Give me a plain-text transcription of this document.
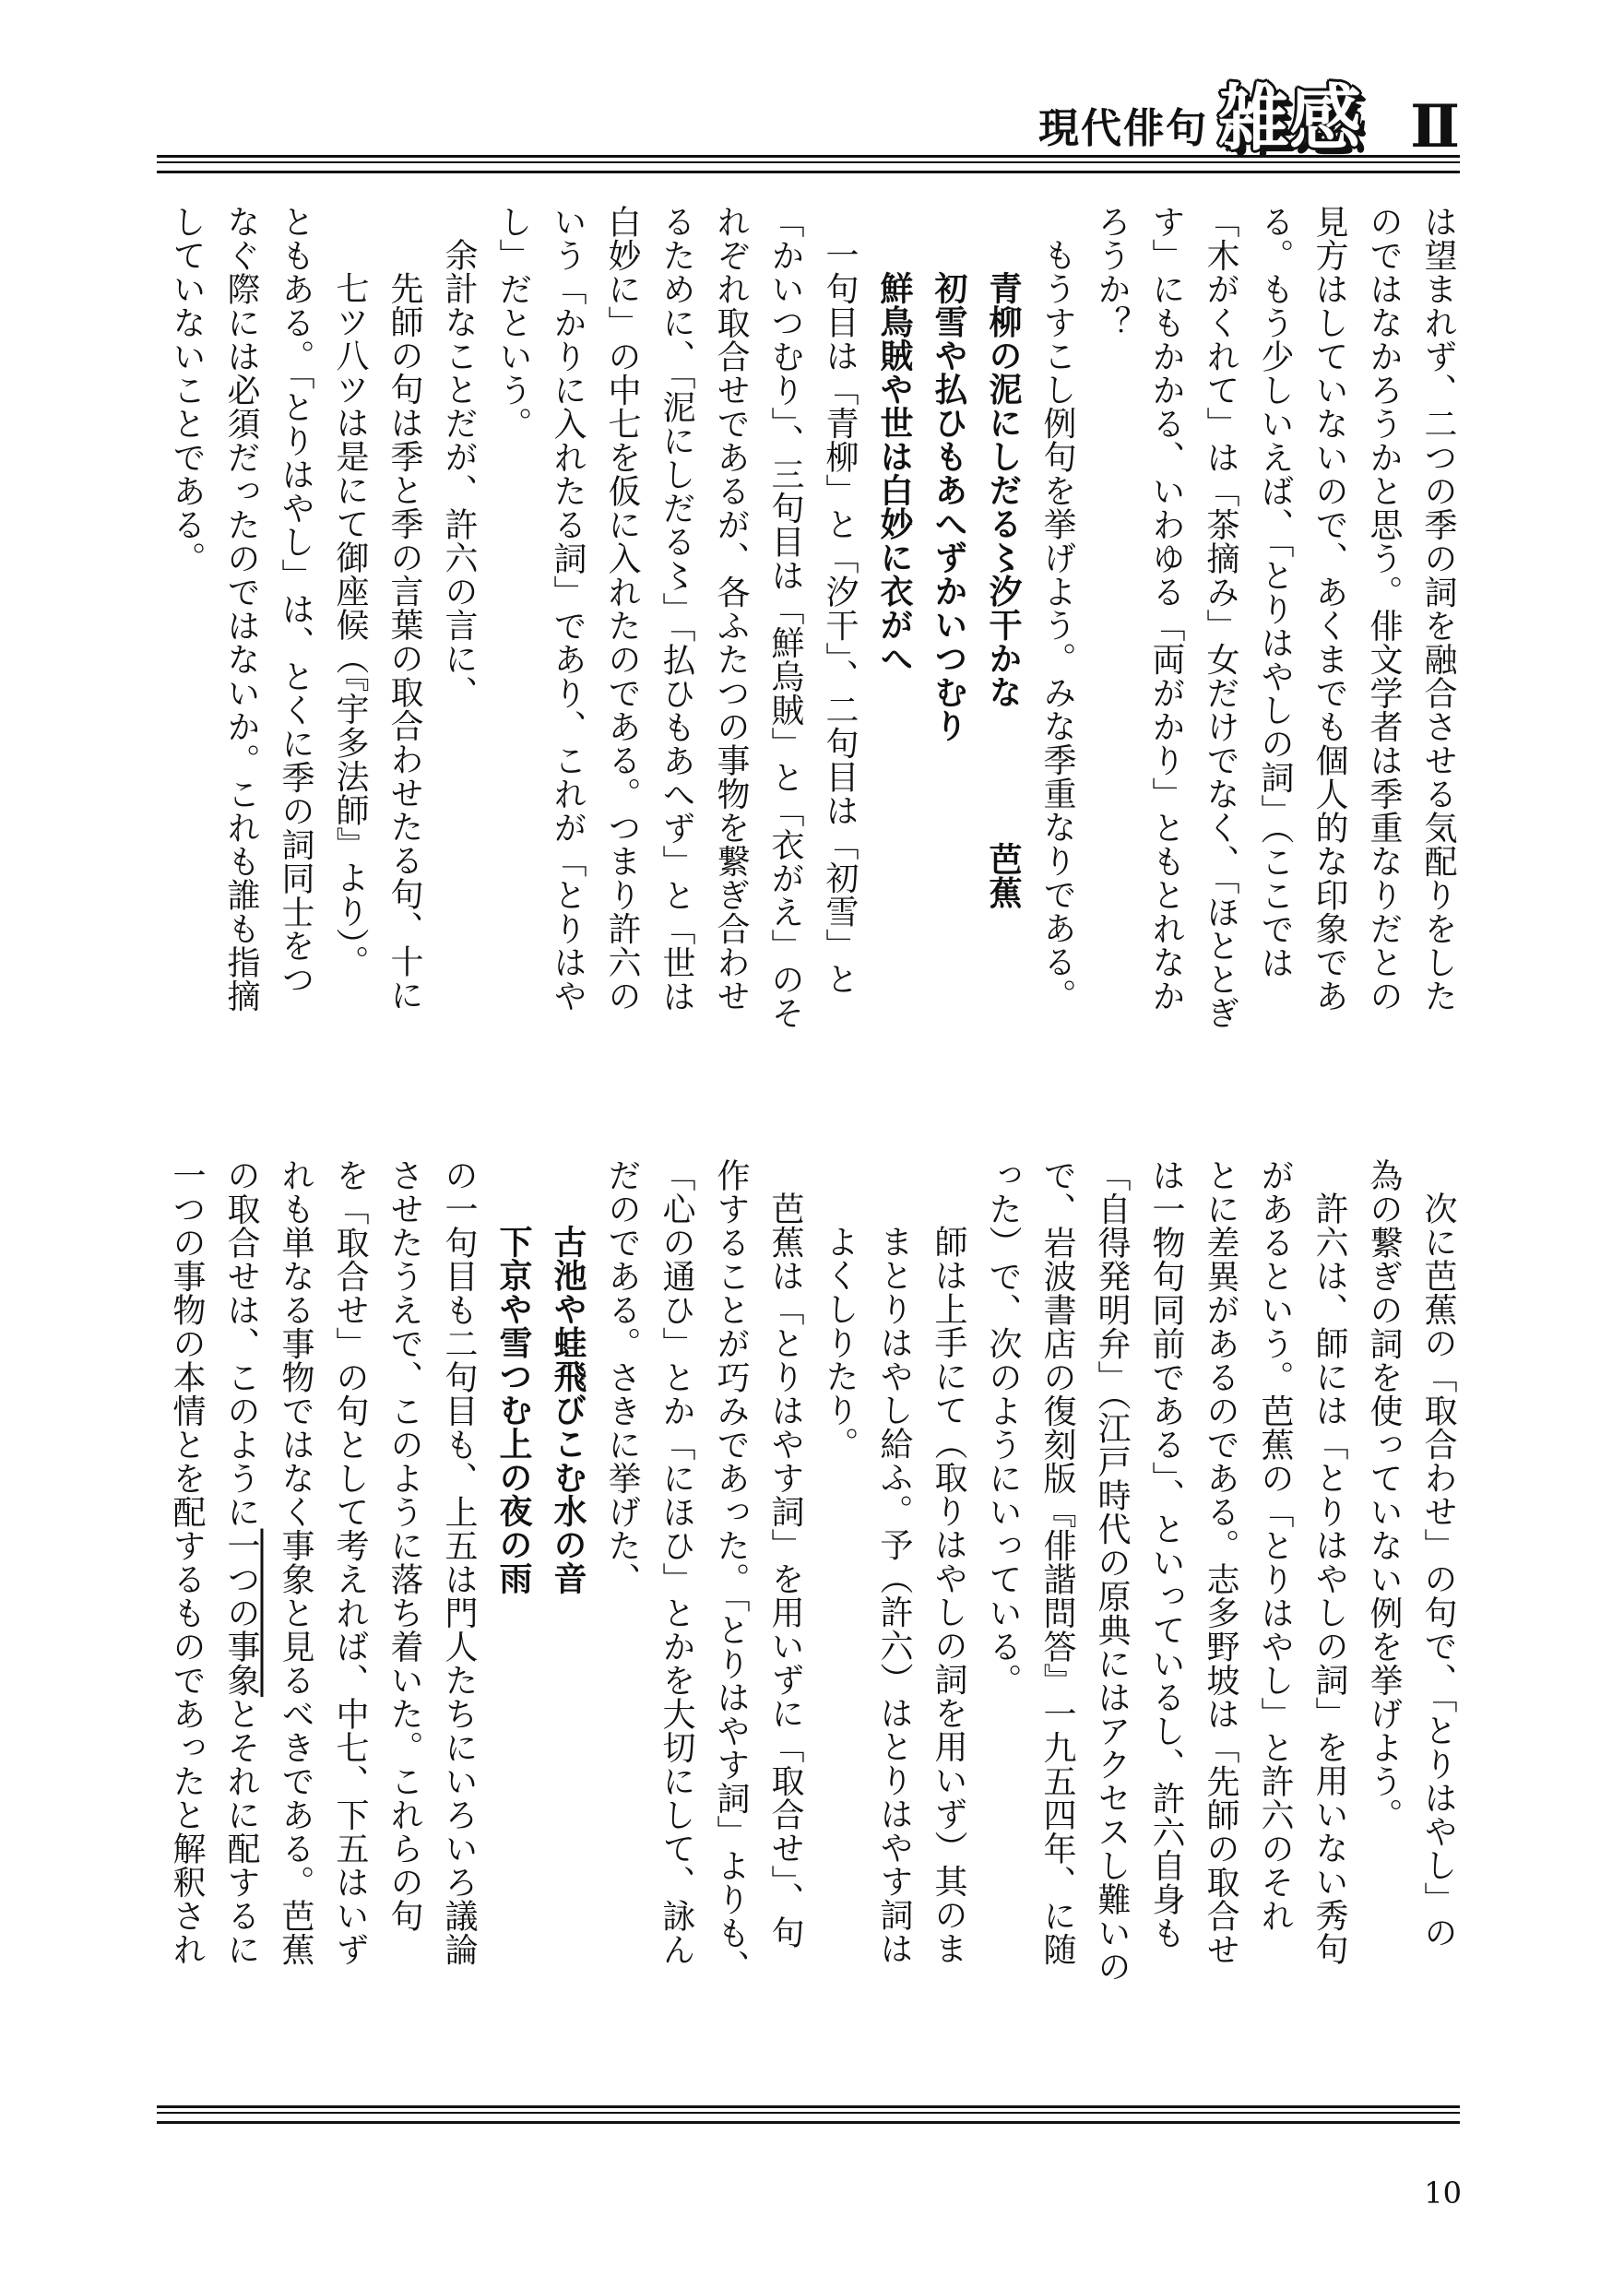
現代俳句 雑感 Ⅱ

は望まれず、二つの季の詞を融合させる気配りをした

のではなかろうかと思う。俳文学者は季重なりだとの

見方はしていないので、あくまでも個人的な印象であ

る。もう少しいえば、「とりはやしの詞」（ここでは

「木がくれて」は「茶摘み」女だけでなく、「ほととぎ

す」にもかかる、いわゆる「両がかり」ともとれなか

ろうか？

もうすこし例句を挙げよう。みな季重なりである。

青柳の泥にしだる〻汐干かな芭蕉

初雪や払ひもあへずかいつむり

鮮鳥賊や世は白妙に衣がへ

一句目は「青柳」と「汐干」、二句目は「初雪」と

「かいつむり」、三句目は「鮮烏賊」と「衣がえ」のそ

れぞれ取合せであるが、各ふたつの事物を繋ぎ合わせ

るために、「泥にしだる〻」「払ひもあへず」と「世は

白妙に」の中七を仮に入れたのである。つまり許六の

いう「かりに入れたる詞」であり、これが「とりはや

し」だという。

余計なことだが、許六の言に、

先師の句は季と季の言葉の取合わせたる句、十に

七ツ八ツは是にて御座候（『宇多法師』より）。

ともある。「とりはやし」は、とくに季の詞同士をつ

なぐ際には必須だったのではないか。これも誰も指摘

していないことである。

次に芭蕉の「取合わせ」の句で、「とりはやし」の

為の繋ぎの詞を使っていない例を挙げよう。

許六は、師には「とりはやしの詞」を用いない秀句

があるという。芭蕉の「とりはやし」と許六のそれ

とに差異があるのである。志多野坡は「先師の取合せ

は一物句同前である」、といっているし、許六自身も

「自得発明弁」（江戸時代の原典にはアクセスし難いの

で、岩波書店の復刻版『俳諧問答』一九五四年、に随

った）で、次のようにいっている。

師は上手にて（取りはやしの詞を用いず）其のま

まとりはやし給ふ。予（許六）はとりはやす詞は

よくしりたり。

芭蕉は「とりはやす詞」を用いずに「取合せ」、句

作することが巧みであった。「とりはやす詞」よりも、

「心の通ひ」とか「にほひ」とかを大切にして、詠ん

だのである。さきに挙げた、

古池や蛙飛びこむ水の音

下京や雪つむ上の夜の雨

の一句目も二句目も、上五は門人たちにいろいろ議論

させたうえで、このように落ち着いた。これらの句

を「取合せ」の句として考えれば、中七、下五はいず

れも単なる事物ではなく事象と見るべきである。芭蕉

の取合せは、このように一つの事象とそれに配するに

一つの事物の本情とを配するものであったと解釈され

10
